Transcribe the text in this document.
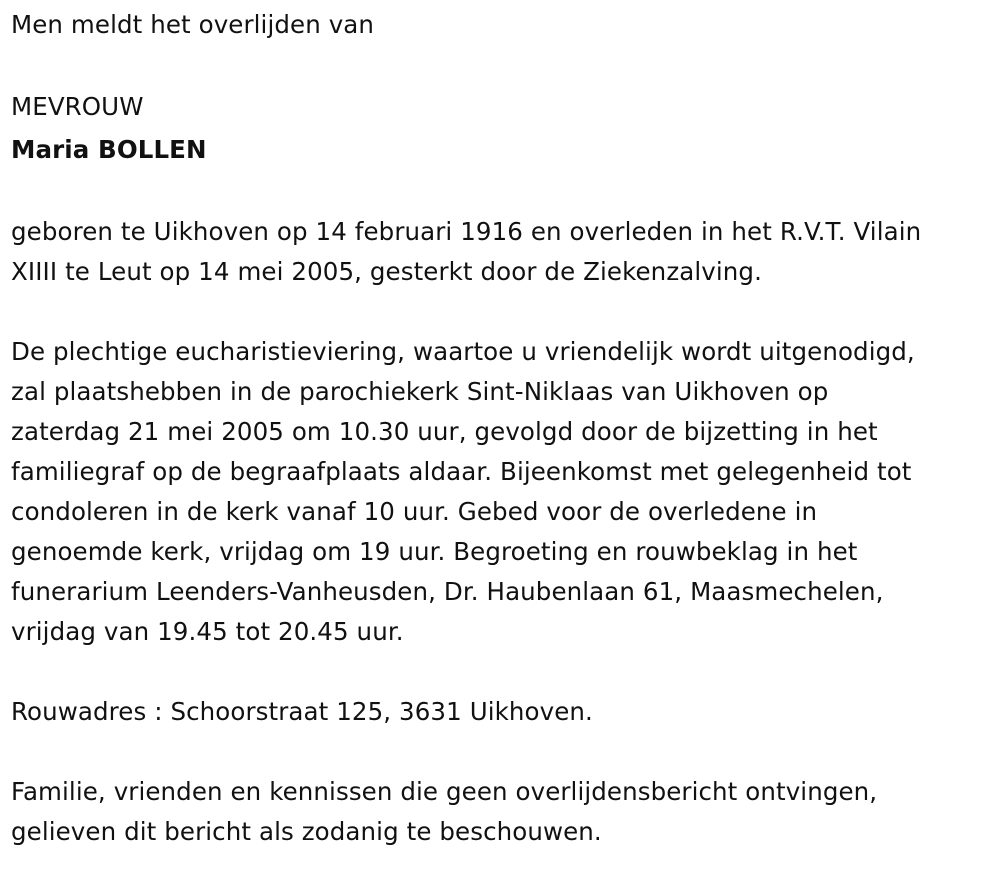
Men meldt het overlijden van
MEVROUW
Maria BOLLEN
geboren te Uikhoven op 14 februari 1916 en overleden in het R.V.T. Vilain
XIIII te Leut op 14 mei 2005, gesterkt door de Ziekenzalving.
De plechtige eucharistieviering, waartoe u vriendelijk wordt uitgenodigd,
zal plaatshebben in de parochiekerk Sint-Niklaas van Uikhoven op
zaterdag 21 mei 2005 om 10.30 uur, gevolgd door de bijzetting in het
familiegraf op de begraafplaats aldaar. Bijeenkomst met gelegenheid tot
condoleren in de kerk vanaf 10 uur. Gebed voor de overledene in
genoemde kerk, vrijdag om 19 uur. Begroeting en rouwbeklag in het
funerarium Leenders-Vanheusden, Dr. Haubenlaan 61, Maasmechelen,
vrijdag van 19.45 tot 20.45 uur.
Rouwadres : Schoorstraat 125, 3631 Uikhoven.
Familie, vrienden en kennissen die geen overlijdensbericht ontvingen,
gelieven dit bericht als zodanig te beschouwen.
